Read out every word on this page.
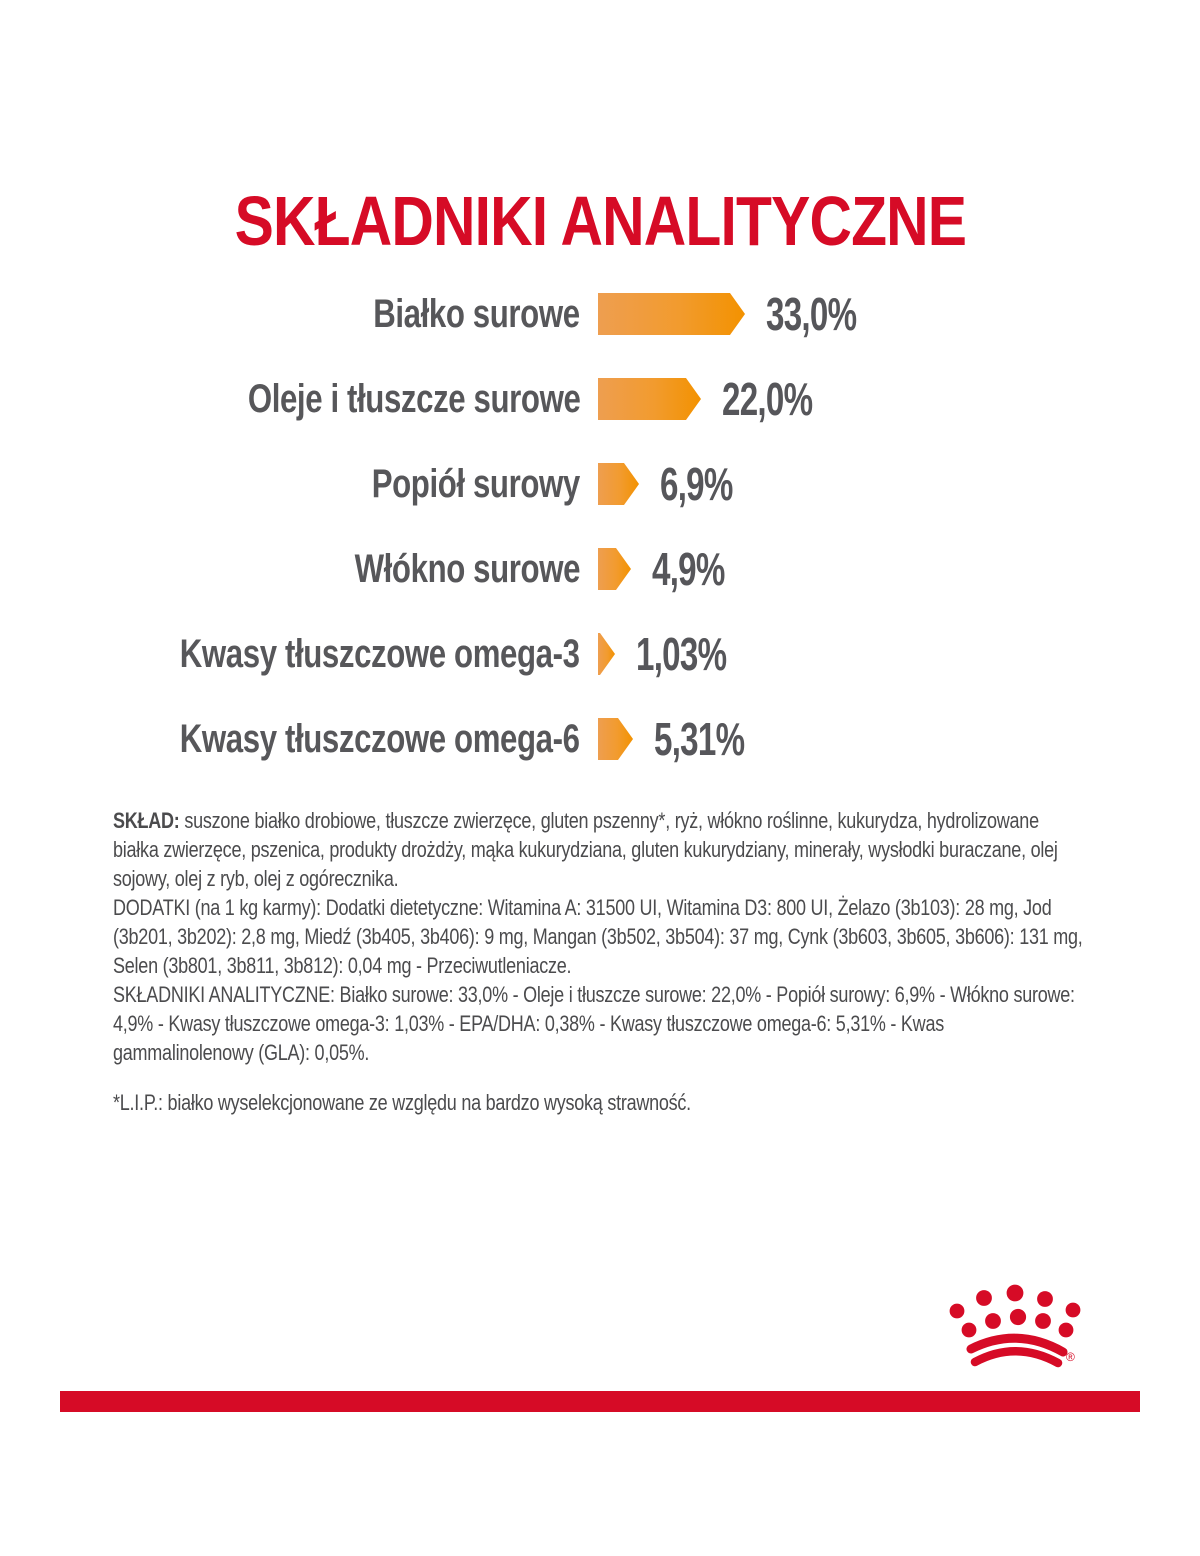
SKŁADNIKI ANALITYCZNE
Białko surowe	33,0%
Oleje i tłuszcze surowe	22,0%
Popiół surowy 6,9%
Włókno surowe 4,9%
Kwasy tłuszczowe omega-3 1,03%
Kwasy tłuszczowe omega-6 5,31%

SKŁAD: suszone białko drobiowe, tłuszcze zwierzęce, gluten pszenny*, ryż, włókno roślinne, kukurydza, hydrolizowane białka zwierzęce, pszenica, produkty drożdży, mąka kukurydziana, gluten kukurydziany, minerały, wysłodki buraczane, olej sojowy, olej z ryb, olej z ogórecznika.

DODATKI (na 1 kg karmy): Dodatki dietetyczne: Witamina A: 31500 UI, Witamina D3: 800 UI, Żelazo (3b103): 28 mg, Jod (3b201, 3b202): 2,8 mg, Miedź (3b405, 3b406): 9 mg, Mangan (3b502, 3b504): 37 mg, Cynk (3b603, 3b605, 3b606): 131 mg, Selen (3b801, 3b811, 3b812): 0,04 mg - Przeciwutleniacze.

SKŁADNIKI ANALITYCZNE: Białko surowe: 33,0% - Oleje i tłuszcze surowe: 22,0% - Popiół surowy: 6,9% - Włókno surowe: 4,9% - Kwasy tłuszczowe omega-3: 1,03% - EPA/DHA: 0,38% - Kwasy tłuszczowe omega-6: 5,31% - Kwas gammalinolenowy (GLA): 0,05%.

*L.I.P.: białko wyselekcjonowane ze względu na bardzo wysoką strawność.

®
